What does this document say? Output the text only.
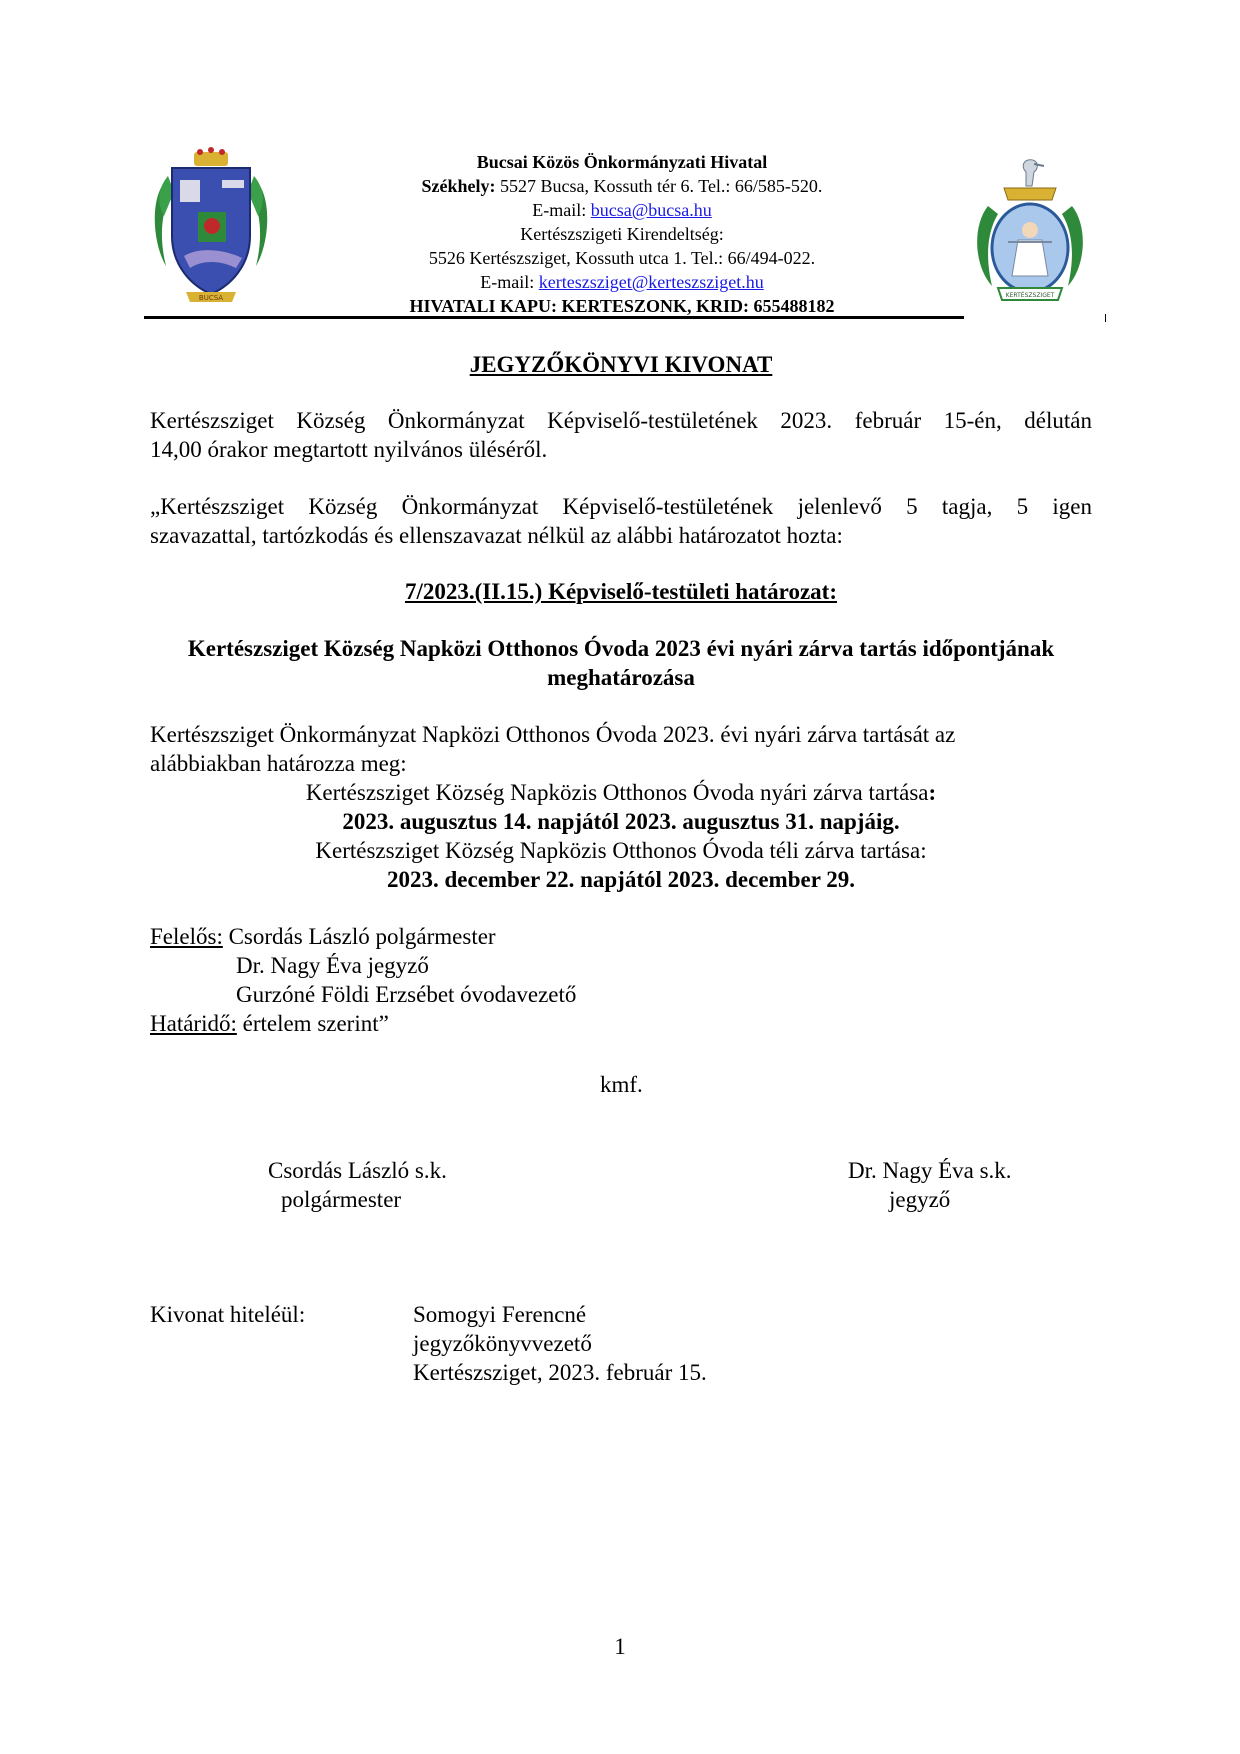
BUCSA	KERTÉSZSZIGET
Bucsai Közös Önkormányzati Hivatal
Székhely: 5527 Bucsa, Kossuth tér 6. Tel.: 66/585-520.
E-mail: bucsa@bucsa.hu
Kertészszigeti Kirendeltség:
5526 Kertészsziget, Kossuth utca 1. Tel.: 66/494-022.
E-mail: kerteszsziget@kerteszsziget.hu
HIVATALI KAPU: KERTESZONK, KRID: 655488182
JEGYZŐKÖNYVI KIVONAT
Kertészsziget Község Önkormányzat Képviselő-testületének 2023. február 15-én, délután
14,00 órakor megtartott nyilvános üléséről.
„Kertészsziget Község Önkormányzat Képviselő-testületének jelenlevő 5 tagja, 5 igen
szavazattal, tartózkodás és ellenszavazat nélkül az alábbi határozatot hozta:
7/2023.(II.15.) Képviselő-testületi határozat:
Kertészsziget Község Napközi Otthonos Óvoda 2023 évi nyári zárva tartás időpontjának
meghatározása
Kertészsziget Önkormányzat Napközi Otthonos Óvoda 2023. évi nyári zárva tartását az
alábbiakban határozza meg:
Kertészsziget Község Napközis Otthonos Óvoda nyári zárva tartása:
2023. augusztus 14. napjától 2023. augusztus 31. napjáig.
Kertészsziget Község Napközis Otthonos Óvoda téli zárva tartása:
2023. december 22. napjától 2023. december 29.
Felelős: Csordás László polgármester
Dr. Nagy Éva jegyző
Gurzóné Földi Erzsébet óvodavezető
Határidő: értelem szerint”
kmf.
Csordás László s.k.
polgármester
Dr. Nagy Éva s.k.
jegyző
Kivonat hiteléül:	Somogyi Ferencné
jegyzőkönyvvezető
Kertészsziget, 2023. február 15.
1
